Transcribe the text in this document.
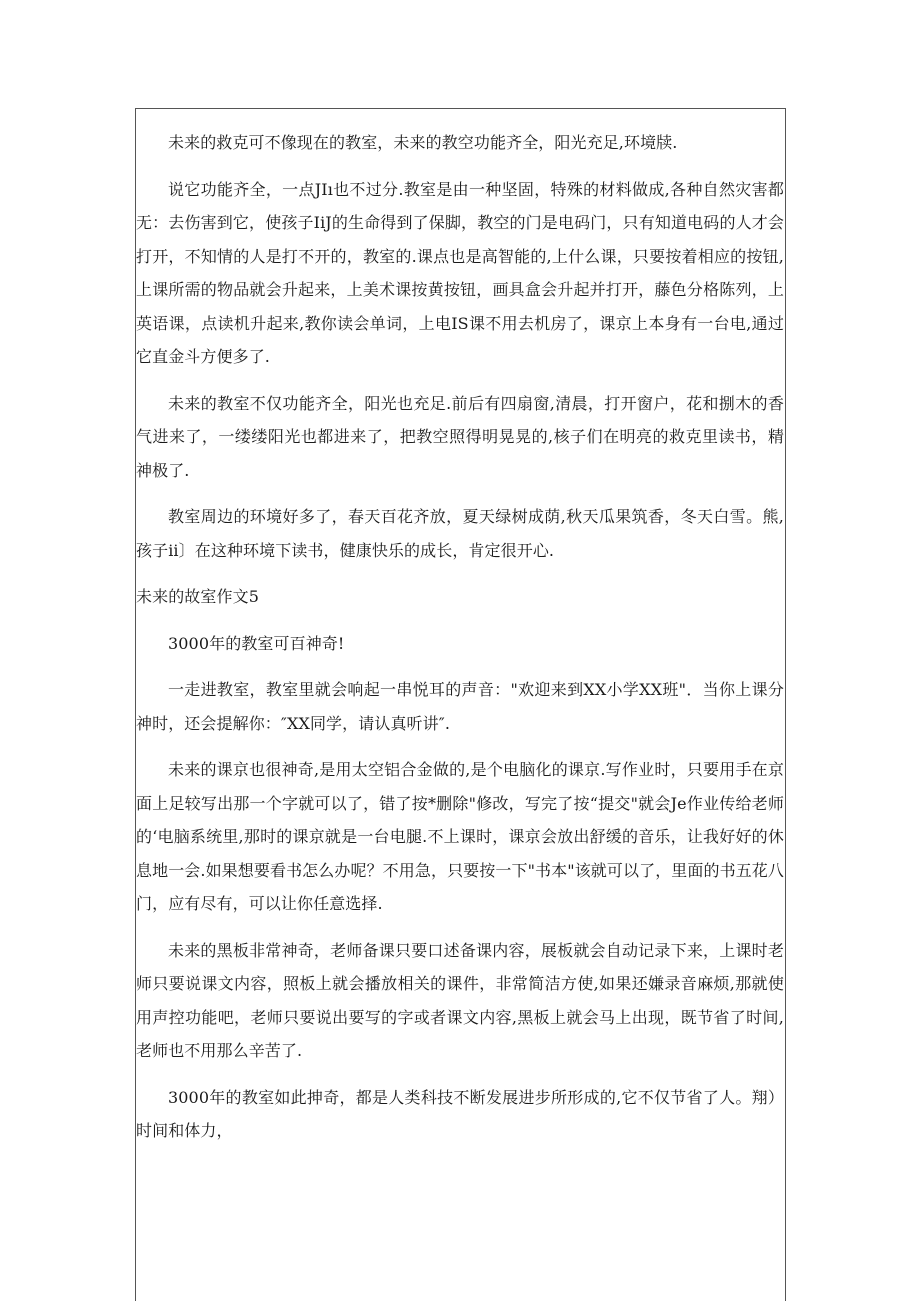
未来的救克可不像现在的教室，未来的教空功能齐全，阳光充足,环境牍.

说它功能齐全，一点JIı也不过分.教室是由一种坚固，特殊的材料做成,各种自然灾害都无：去伤害到它，使孩子IiJ的生命得到了保脚，教空的门是电码门，只有知道电码的人才会打开，不知情的人是打不开的，教室的.课点也是高智能的,上什么课，只要按着相应的按钮,上课所需的物品就会升起来，上美术课按黄按钮，画具盒会升起并打开，藤色分格陈列，上英语课，点读机升起来,教你读会单词，上电IS课不用去机房了，课京上本身有一台电,通过它直金斗方便多了.

未来的教室不仅功能齐全，阳光也充足.前后有四扇窗,清晨，打开窗户，花和捌木的香气进来了，一缕缕阳光也都进来了，把教空照得明晃晃的,核子们在明亮的救克里读书，精神极了.

教室周边的环境好多了，春天百花齐放，夏天绿树成荫,秋天瓜果筑香，冬天白雪。熊,孩子ii〕在这种环境下读书，健康快乐的成长，肯定很开心.

未来的故室作文5

3000年的教室可百神奇!

一走进教室，教室里就会响起一串悦耳的声音："欢迎来到XX小学XX班"．当你上课分神时，还会提解你：″XX同学，请认真听讲″.

未来的课京也很神奇,是用太空铝合金做的,是个电脑化的课京.写作业时，只要用手在京面上足较写出那一个字就可以了，错了按*删除"修改，写完了按“提交"就会Je作业传给老师的‘电脑系统里,那时的课京就是一台电腿.不上课时，课京会放出舒缓的音乐，让我好好的休息地一会.如果想要看书怎么办呢？不用急，只要按一下"书本"该就可以了，里面的书五花八门，应有尽有，可以让你任意选择.

未来的黑板非常神奇，老师备课只要口述备课内容，展板就会自动记录下来，上课时老师只要说课文内容，照板上就会播放相关的课件，非常简洁方使,如果还嫌录音麻烦,那就使用声控功能吧，老师只要说出要写的字或者课文内容,黑板上就会马上出现，既节省了时间,老师也不用那么辛苦了.

3000年的教室如此抻奇，都是人类科技不断发展进步所形成的,它不仅节省了人。翔）时间和体力，
